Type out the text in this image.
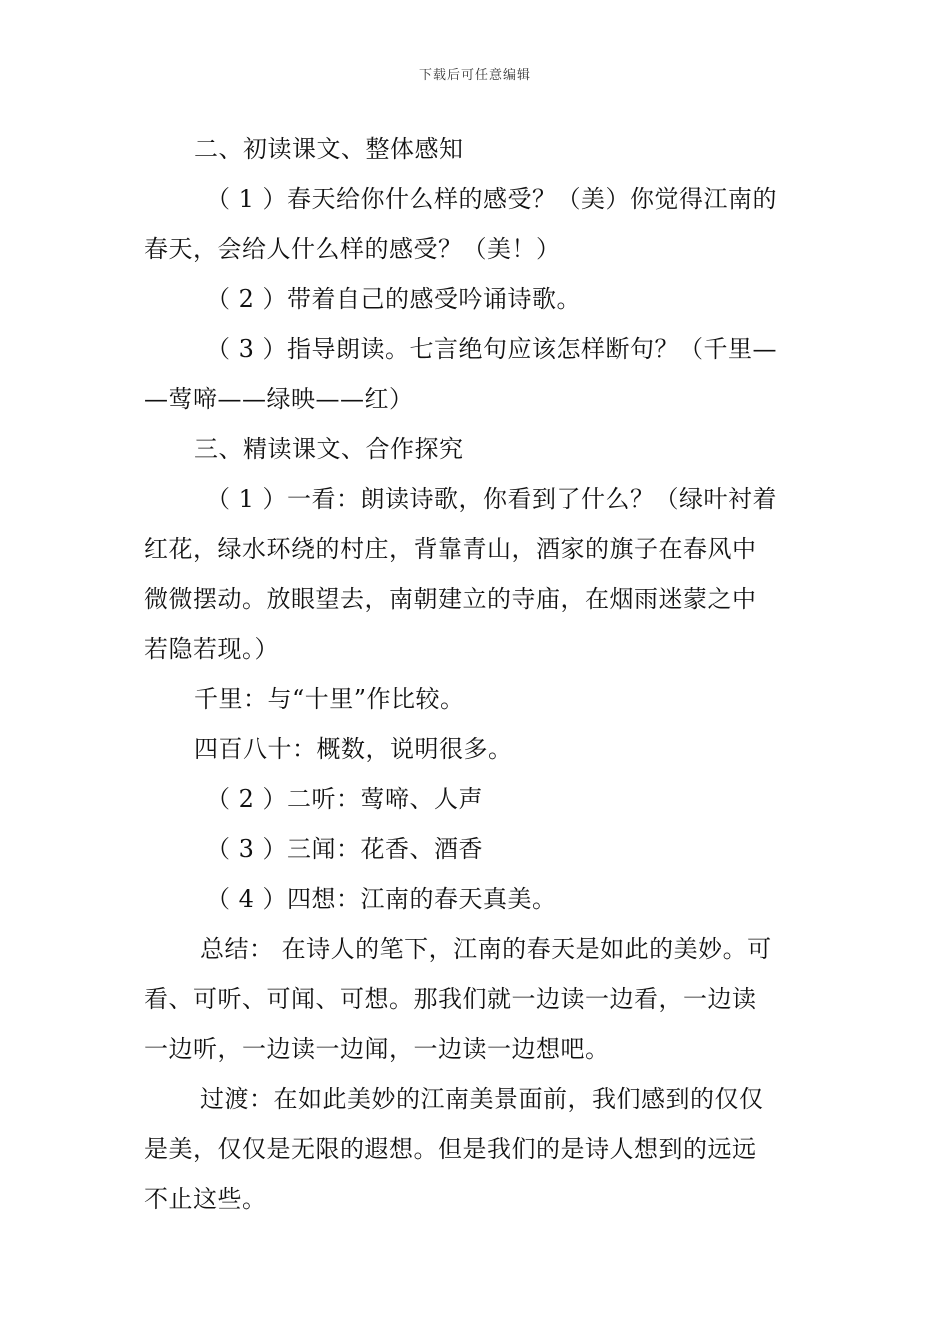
下载后可任意编辑
二、初读课文、整体感知
（ 1 ）春天给你什么样的感受？（美）你觉得江南的
春天，会给人什么样的感受？（美！）
（ 2 ）带着自己的感受吟诵诗歌。
（ 3 ）指导朗读。七言绝句应该怎样断句？（千里—
—莺啼——绿映——红）
三、精读课文、合作探究
（ 1 ）一看：朗读诗歌，你看到了什么？（绿叶衬着
红花，绿水环绕的村庄，背靠青山，酒家的旗子在春风中
微微摆动。放眼望去，南朝建立的寺庙，在烟雨迷蒙之中
若隐若现。）
千里：与“十里”作比较。
四百八十：概数，说明很多。
（ 2 ）二听：莺啼、人声
（ 3 ）三闻：花香、酒香
（ 4 ）四想：江南的春天真美。
总结： 在诗人的笔下，江南的春天是如此的美妙。可
看、可听、可闻、可想。那我们就一边读一边看，一边读
一边听，一边读一边闻，一边读一边想吧。
过渡：在如此美妙的江南美景面前，我们感到的仅仅
是美，仅仅是无限的遐想。但是我们的是诗人想到的远远
不止这些。
